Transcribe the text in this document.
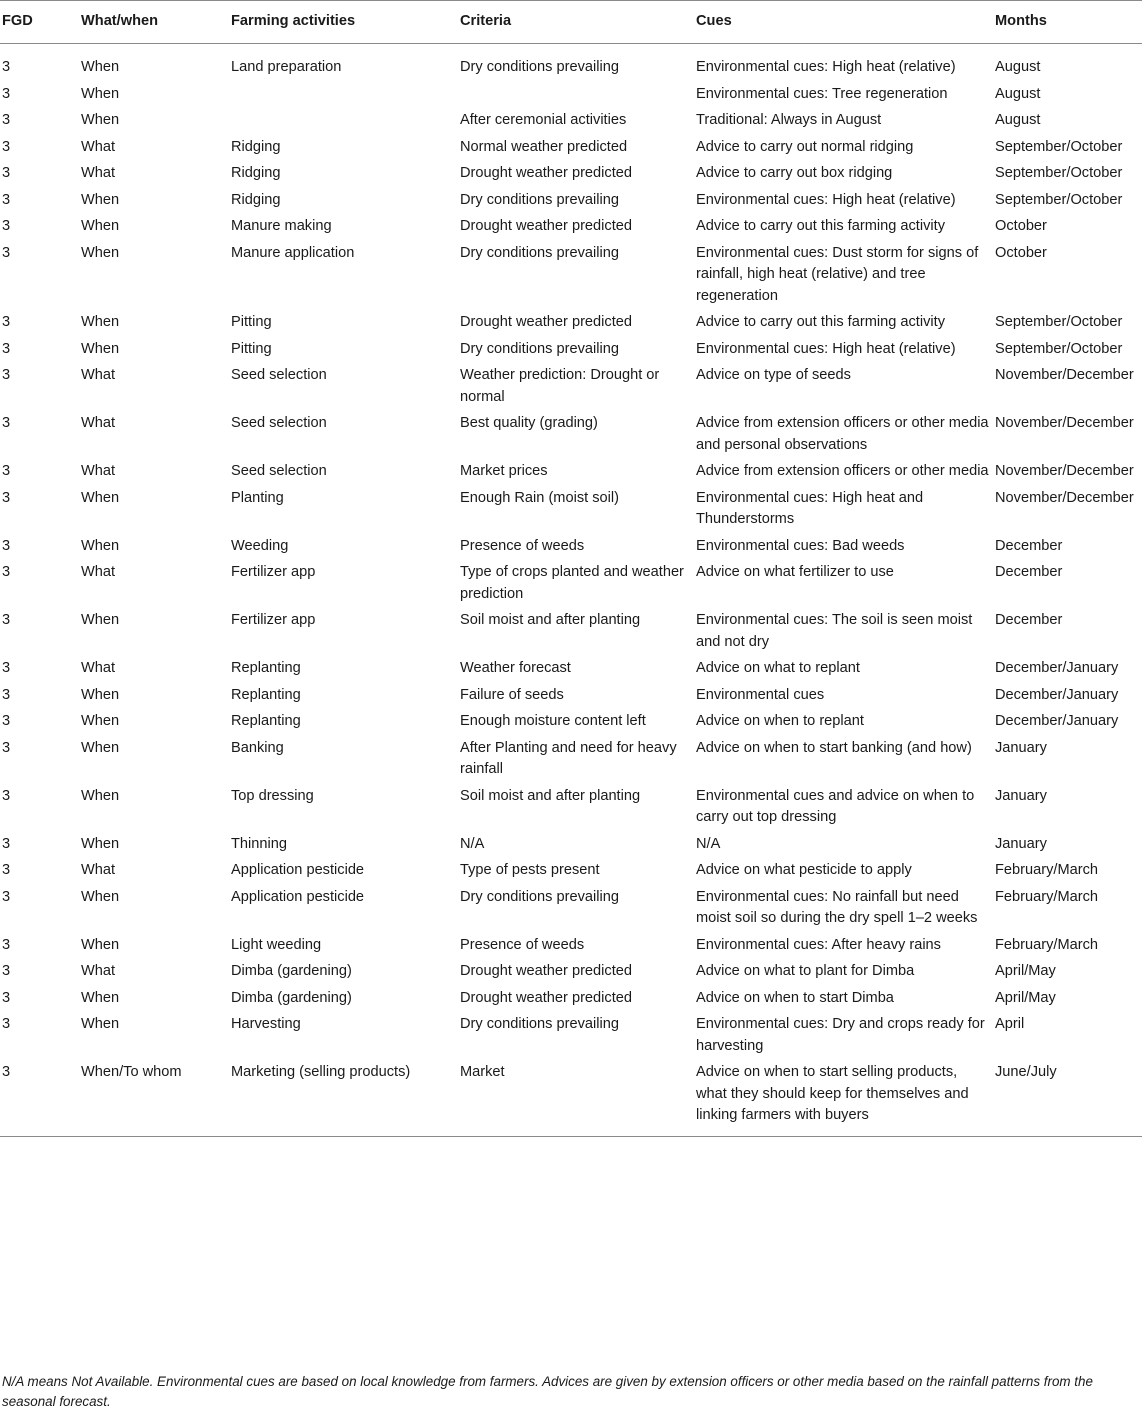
FGD	What/when	Farming activities	Criteria	Cues	Months
3	When	Land preparation	Dry conditions prevailing	Environmental cues: High heat (relative)	August
3	When			Environmental cues: Tree regeneration	August
3	When		After ceremonial activities	Traditional: Always in August	August
3	What	Ridging	Normal weather predicted	Advice to carry out normal ridging	September/October
3	What	Ridging	Drought weather predicted	Advice to carry out box ridging	September/October
3	When	Ridging	Dry conditions prevailing	Environmental cues: High heat (relative)	September/October
3	When	Manure making	Drought weather predicted	Advice to carry out this farming activity	October
3	When	Manure application	Dry conditions prevailing	Environmental cues: Dust storm for signs of rainfall, high heat (relative) and tree regeneration	October
3	When	Pitting	Drought weather predicted	Advice to carry out this farming activity	September/October
3	When	Pitting	Dry conditions prevailing	Environmental cues: High heat (relative)	September/October
3	What	Seed selection	Weather prediction: Drought or normal	Advice on type of seeds	November/December
3	What	Seed selection	Best quality (grading)	Advice from extension officers or other media and personal observations	November/December
3	What	Seed selection	Market prices	Advice from extension officers or other media	November/December
3	When	Planting	Enough Rain (moist soil)	Environmental cues: High heat and Thunderstorms	November/December
3	When	Weeding	Presence of weeds	Environmental cues: Bad weeds	December
3	What	Fertilizer app	Type of crops planted and weather prediction	Advice on what fertilizer to use	December
3	When	Fertilizer app	Soil moist and after planting	Environmental cues: The soil is seen moist and not dry	December
3	What	Replanting	Weather forecast	Advice on what to replant	December/January
3	When	Replanting	Failure of seeds	Environmental cues	December/January
3	When	Replanting	Enough moisture content left	Advice on when to replant	December/January
3	When	Banking	After Planting and need for heavy rainfall	Advice on when to start banking (and how)	January
3	When	Top dressing	Soil moist and after planting	Environmental cues and advice on when to carry out top dressing	January
3	When	Thinning	N/A	N/A	January
3	What	Application pesticide	Type of pests present	Advice on what pesticide to apply	February/March
3	When	Application pesticide	Dry conditions prevailing	Environmental cues: No rainfall but need moist soil so during the dry spell 1–2 weeks	February/March
3	When	Light weeding	Presence of weeds	Environmental cues: After heavy rains	February/March
3	What	Dimba (gardening)	Drought weather predicted	Advice on what to plant for Dimba	April/May
3	When	Dimba (gardening)	Drought weather predicted	Advice on when to start Dimba	April/May
3	When	Harvesting	Dry conditions prevailing	Environmental cues: Dry and crops ready for harvesting	April
3	When/To whom	Marketing (selling products)	Market	Advice on when to start selling products, what they should keep for themselves and linking farmers with buyers	June/July
N/A means Not Available. Environmental cues are based on local knowledge from farmers. Advices are given by extension officers or other media based on the rainfall patterns from the seasonal forecast.
